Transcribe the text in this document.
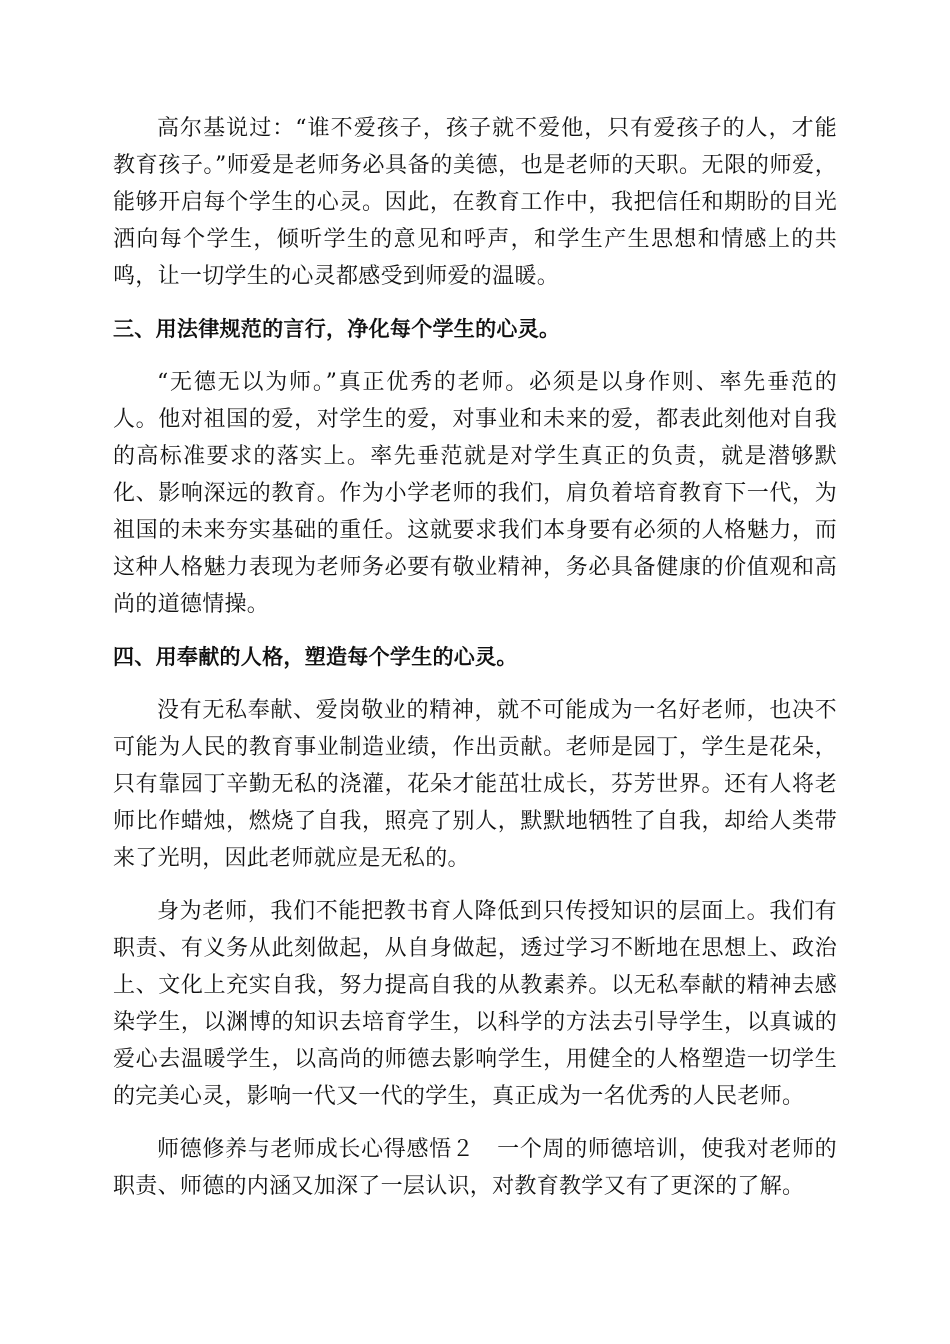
高尔基说过：“谁不爱孩子，孩子就不爱他，只有爱孩子的人，才能教育孩子。”师爱是老师务必具备的美德，也是老师的天职。无限的师爱，能够开启每个学生的心灵。因此，在教育工作中，我把信任和期盼的目光洒向每个学生，倾听学生的意见和呼声，和学生产生思想和情感上的共鸣，让一切学生的心灵都感受到师爱的温暖。

三、用法律规范的言行，净化每个学生的心灵。

“无德无以为师。”真正优秀的老师。必须是以身作则、率先垂范的人。他对祖国的爱，对学生的爱，对事业和未来的爱，都表此刻他对自我的高标准要求的落实上。率先垂范就是对学生真正的负责，就是潜够默化、影响深远的教育。作为小学老师的我们，肩负着培育教育下一代，为祖国的未来夯实基础的重任。这就要求我们本身要有必须的人格魅力，而这种人格魅力表现为老师务必要有敬业精神，务必具备健康的价值观和高尚的道德情操。

四、用奉献的人格，塑造每个学生的心灵。

没有无私奉献、爱岗敬业的精神，就不可能成为一名好老师，也决不可能为人民的教育事业制造业绩，作出贡献。老师是园丁，学生是花朵，只有靠园丁辛勤无私的浇灌，花朵才能茁壮成长，芬芳世界。还有人将老师比作蜡烛，燃烧了自我，照亮了别人，默默地牺牲了自我，却给人类带来了光明，因此老师就应是无私的。

身为老师，我们不能把教书育人降低到只传授知识的层面上。我们有职责、有义务从此刻做起，从自身做起，透过学习不断地在思想上、政治上、文化上充实自我，努力提高自我的从教素养。以无私奉献的精神去感染学生，以渊博的知识去培育学生，以科学的方法去引导学生，以真诚的爱心去温暖学生，以高尚的师德去影响学生，用健全的人格塑造一切学生的完美心灵，影响一代又一代的学生，真正成为一名优秀的人民老师。

师德修养与老师成长心得感悟２　一个周的师德培训，使我对老师的职责、师德的内涵又加深了一层认识，对教育教学又有了更深的了解。
